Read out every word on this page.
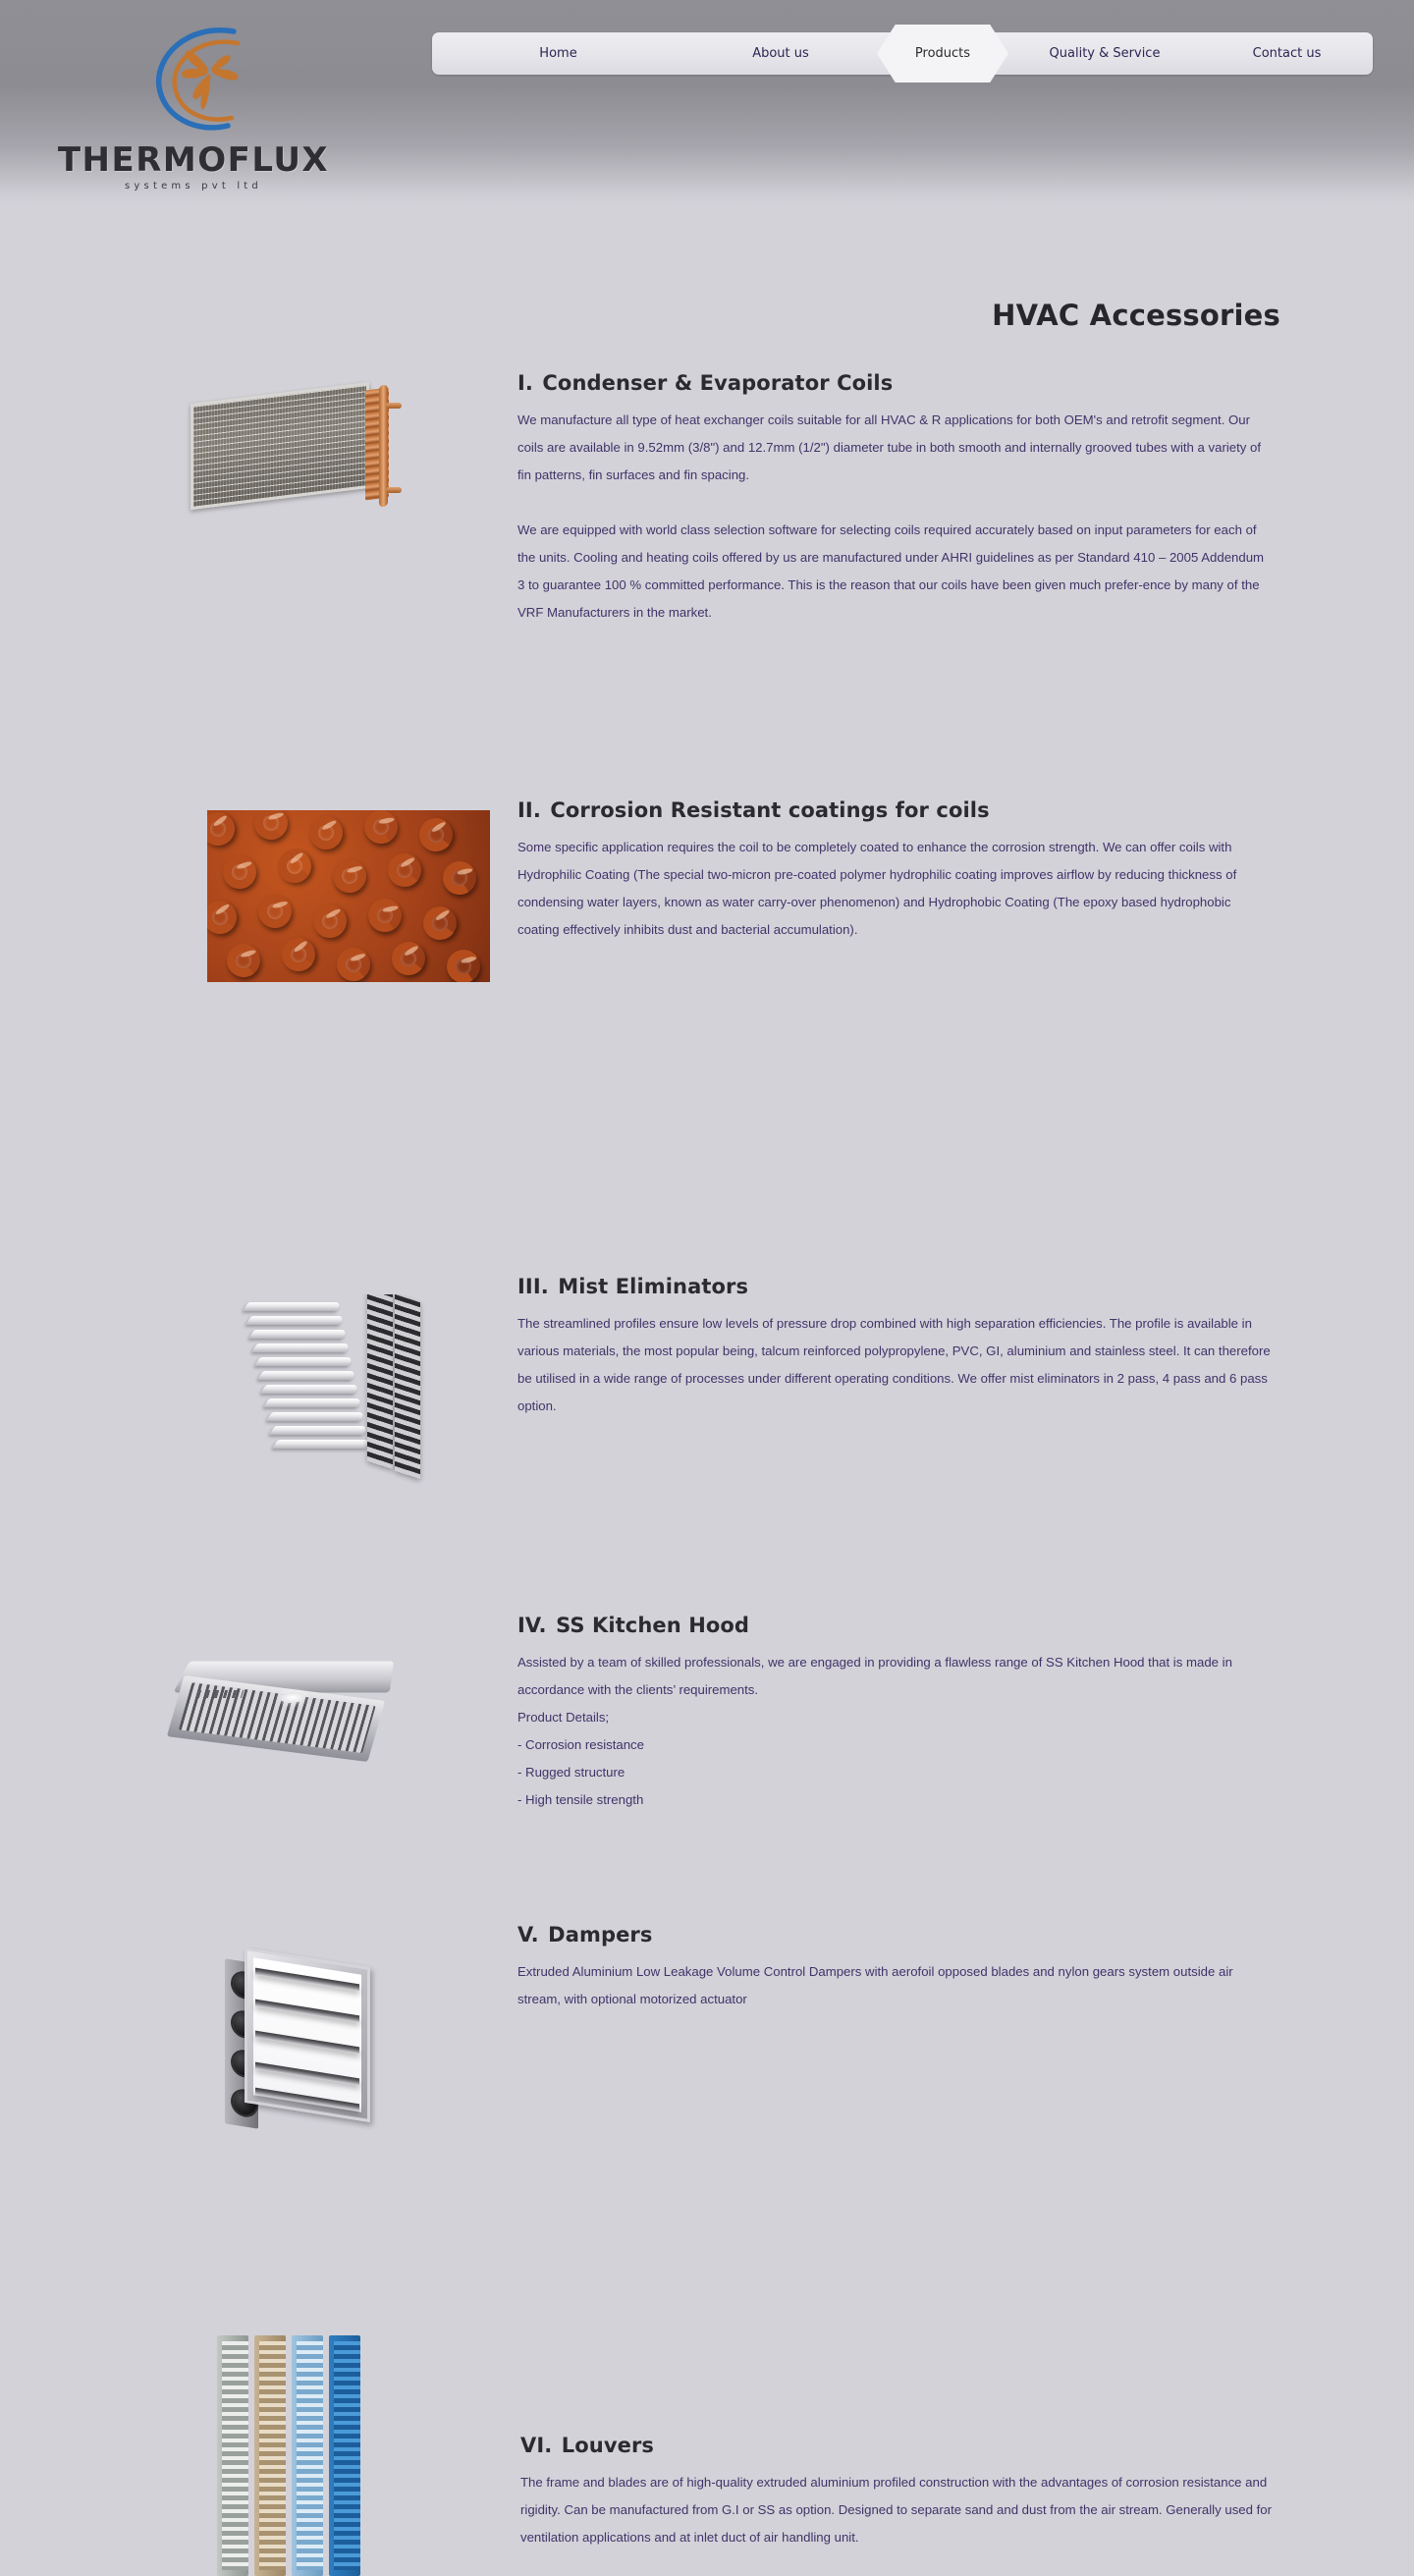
THERMOFLUX
systems pvt ltd
Home	About us	Products	Quality & Service	Contact us
HVAC Accessories
I. Condenser & Evaporator Coils

We manufacture all type of heat exchanger coils suitable for all HVAC & R applications for both OEM's and retrofit segment. Our coils are available in 9.52mm (3/8") and 12.7mm (1/2") diameter tube in both smooth and internally grooved tubes with a variety of fin patterns, fin surfaces and fin spacing.

We are equipped with world class selection software for selecting coils required accurately based on input parameters for each of the units. Cooling and heating coils offered by us are manufactured under AHRI guidelines as per Standard 410 – 2005 Addendum 3 to guarantee 100 % committed performance. This is the reason that our coils have been given much prefer-ence by many of the VRF Manufacturers in the market.

II. Corrosion Resistant coatings for coils

Some specific application requires the coil to be completely coated to enhance the corrosion strength. We can offer coils with Hydrophilic Coating (The special two-micron pre-coated polymer hydrophilic coating improves airflow by reducing thickness of condensing water layers, known as water carry-over phenomenon) and Hydrophobic Coating (The epoxy based hydrophobic coating effectively inhibits dust and bacterial accumulation).

III. Mist Eliminators

The streamlined profiles ensure low levels of pressure drop combined with high separation efficiencies. The profile is available in various materials, the most popular being, talcum reinforced polypropylene, PVC, GI, aluminium and stainless steel. It can therefore be utilised in a wide range of processes under different operating conditions. We offer mist eliminators in 2 pass, 4 pass and 6 pass option.

IV. SS Kitchen Hood

Assisted by a team of skilled professionals, we are engaged in providing a flawless range of SS Kitchen Hood that is made in accordance with the clients’ requirements.

Product Details;
- Corrosion resistance
- Rugged structure
- High tensile strength
V. Dampers

Extruded Aluminium Low Leakage Volume Control Dampers with aerofoil opposed blades and nylon gears system outside air stream, with optional motorized actuator

VI. Louvers

The frame and blades are of high-quality extruded aluminium profiled construction with the advantages of corrosion resistance and rigidity. Can be manufactured from G.I or SS as option. Designed to separate sand and dust from the air stream. Generally used for ventilation applications and at inlet duct of air handling unit.
